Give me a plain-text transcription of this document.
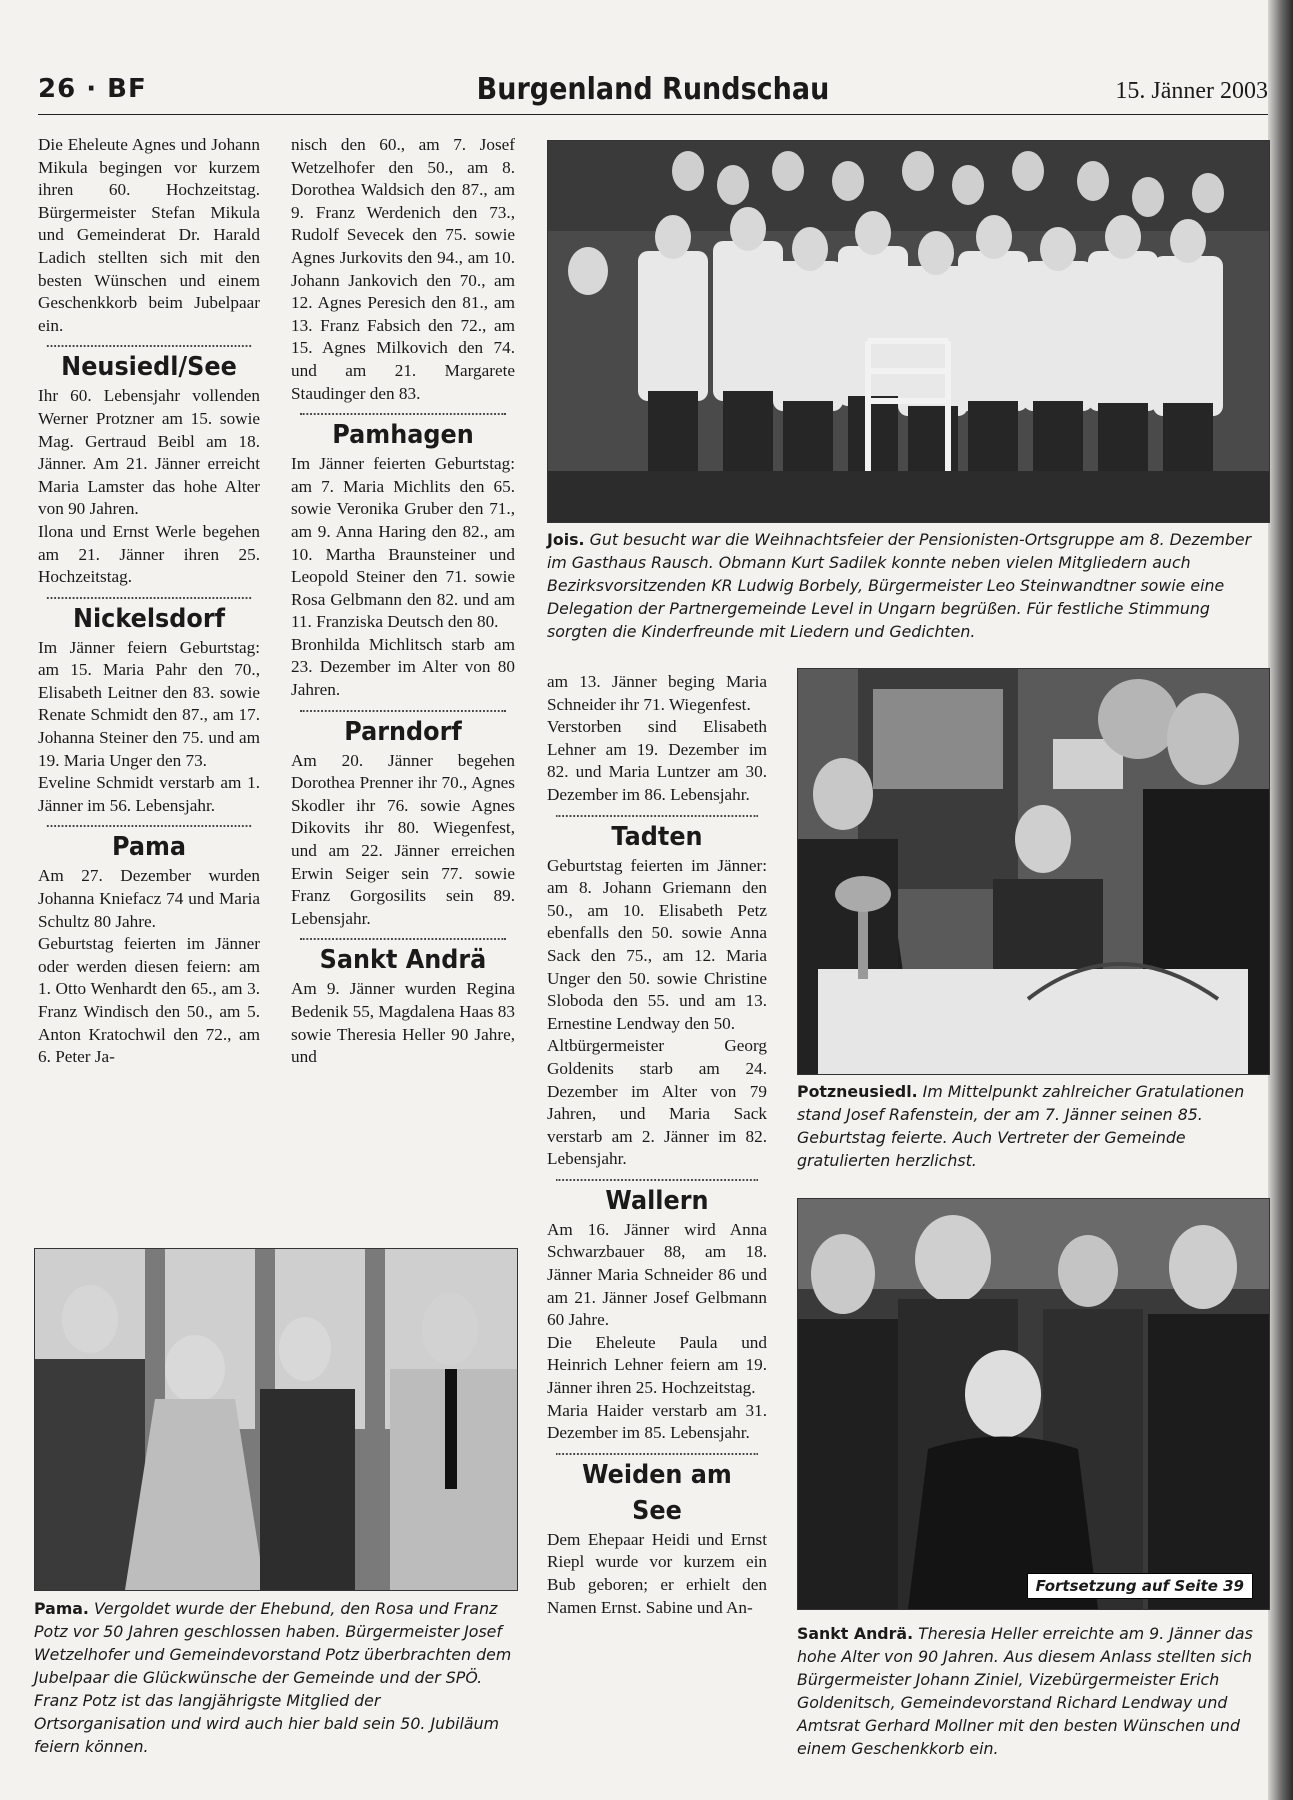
26 · BF	Burgenland Rundschau	15. Jänner 2003

Die Eheleute Agnes und Johann Mikula begingen vor kurzem ihren 60. Hochzeitstag. Bürgermeister Stefan Mikula und Gemeinderat Dr. Harald Ladich stellten sich mit den besten Wünschen und einem Geschenkkorb beim Jubelpaar ein.

Neusiedl/See

Ihr 60. Lebensjahr vollenden Werner Protzner am 15. sowie Mag. Gertraud Beibl am 18. Jänner. Am 21. Jänner erreicht Maria Lamster das hohe Alter von 90 Jahren.

Ilona und Ernst Werle begehen am 21. Jänner ihren 25. Hochzeitstag.

Nickelsdorf

Im Jänner feiern Geburtstag: am 15. Maria Pahr den 70., Elisabeth Leitner den 83. sowie Renate Schmidt den 87., am 17. Johanna Steiner den 75. und am 19. Maria Unger den 73.

Eveline Schmidt verstarb am 1. Jänner im 56. Lebensjahr.

Pama

Am 27. Dezember wurden Johanna Kniefacz 74 und Maria Schultz 80 Jahre.

Geburtstag feierten im Jänner oder werden diesen feiern: am 1. Otto Wenhardt den 65., am 3. Franz Windisch den 50., am 5. Anton Kratochwil den 72., am 6. Peter Ja-

nisch den 60., am 7. Josef Wetzelhofer den 50., am 8. Dorothea Waldsich den 87., am 9. Franz Werdenich den 73., Rudolf Sevecek den 75. sowie Agnes Jurkovits den 94., am 10. Johann Jankovich den 70., am 12. Agnes Peresich den 81., am 13. Franz Fabsich den 72., am 15. Agnes Milkovich den 74. und am 21. Margarete Staudinger den 83.

Pamhagen

Im Jänner feierten Geburtstag: am 7. Maria Michlits den 65. sowie Veronika Gruber den 71., am 9. Anna Haring den 82., am 10. Martha Braunsteiner und Leopold Steiner den 71. sowie Rosa Gelbmann den 82. und am 11. Franziska Deutsch den 80.

Bronhilda Michlitsch starb am 23. Dezember im Alter von 80 Jahren.

Parndorf

Am 20. Jänner begehen Dorothea Prenner ihr 70., Agnes Skodler ihr 76. sowie Agnes Dikovits ihr 80. Wiegenfest, und am 22. Jänner erreichen Erwin Seiger sein 77. sowie Franz Gorgosilits sein 89. Lebensjahr.

Sankt Andrä

Am 9. Jänner wurden Regina Bedenik 55, Magdalena Haas 83 sowie Theresia Heller 90 Jahre, und

am 13. Jänner beging Maria Schneider ihr 71. Wiegenfest.

Verstorben sind Elisabeth Lehner am 19. Dezember im 82. und Maria Luntzer am 30. Dezember im 86. Lebensjahr.

Tadten

Geburtstag feierten im Jänner: am 8. Johann Griemann den 50., am 10. Elisabeth Petz ebenfalls den 50. sowie Anna Sack den 75., am 12. Maria Unger den 50. sowie Christine Sloboda den 55. und am 13. Ernestine Lendway den 50.

Altbürgermeister Georg Goldenits starb am 24. Dezember im Alter von 79 Jahren, und Maria Sack verstarb am 2. Jänner im 82. Lebensjahr.

Wallern

Am 16. Jänner wird Anna Schwarzbauer 88, am 18. Jänner Maria Schneider 86 und am 21. Jänner Josef Gelbmann 60 Jahre.

Die Eheleute Paula und Heinrich Lehner feiern am 19. Jänner ihren 25. Hochzeitstag.

Maria Haider verstarb am 31. Dezember im 85. Lebensjahr.

Weiden am See

Dem Ehepaar Heidi und Ernst Riepl wurde vor kurzem ein Bub geboren; er erhielt den Namen Ernst. Sabine und An-

Jois. Gut besucht war die Weihnachtsfeier der Pensionisten-Ortsgruppe am 8. Dezember im Gasthaus Rausch. Obmann Kurt Sadilek konnte neben vielen Mitgliedern auch Bezirksvorsitzenden KR Ludwig Borbely, Bürgermeister Leo Steinwandtner sowie eine Delegation der Partnergemeinde Level in Ungarn begrüßen. Für festliche Stimmung sorgten die Kinderfreunde mit Liedern und Gedichten.
Potzneusiedl. Im Mittelpunkt zahlreicher Gratulationen stand Josef Rafenstein, der am 7. Jänner seinen 85. Geburtstag feierte. Auch Vertreter der Gemeinde gratulierten herzlichst.
Pama. Vergoldet wurde der Ehebund, den Rosa und Franz Potz vor 50 Jahren geschlossen haben. Bürgermeister Josef Wetzelhofer und Gemeindevorstand Potz überbrachten dem Jubelpaar die Glückwünsche der Gemeinde und der SPÖ. Franz Potz ist das langjährigste Mitglied der Ortsorganisation und wird auch hier bald sein 50. Jubiläum feiern können.
Fortsetzung auf Seite 39
Sankt Andrä. Theresia Heller erreichte am 9. Jänner das hohe Alter von 90 Jahren. Aus diesem Anlass stellten sich Bürgermeister Johann Ziniel, Vizebürgermeister Erich Goldenitsch, Gemeindevorstand Richard Lendway und Amtsrat Gerhard Mollner mit den besten Wünschen und einem Geschenkkorb ein.
